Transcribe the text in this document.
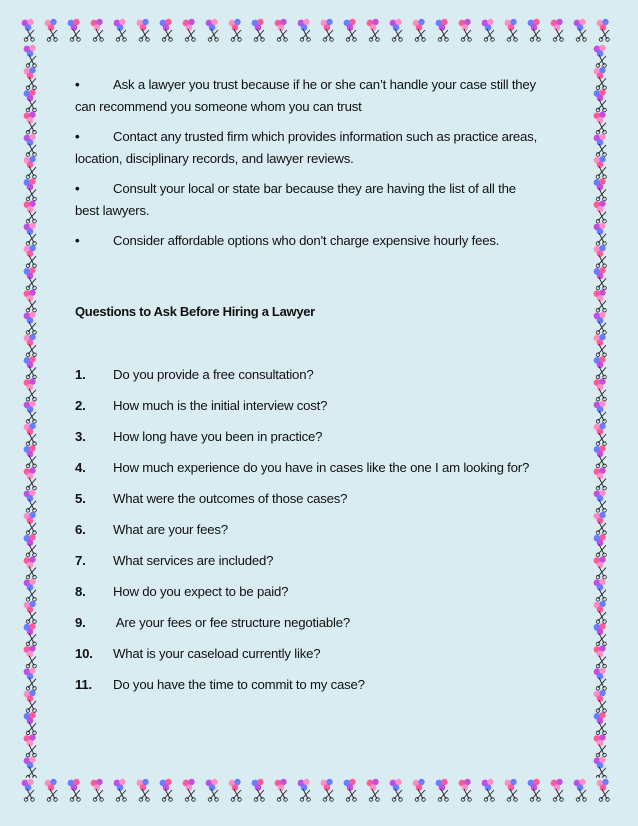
•	Ask a lawyer you trust because if he or she can’t handle your case still they
can recommend you someone whom you can trust
•	Contact any trusted firm which provides information such as practice areas,
location, disciplinary records, and lawyer reviews.
•	Consult your local or state bar because they are having the list of all the
best lawyers.
•	Consider affordable options who don't charge expensive hourly fees.
Questions to Ask Before Hiring a Lawyer
1. Do you provide a free consultation?
2. How much is the initial interview cost?
3. How long have you been in practice?
4. How much experience do you have in cases like the one I am looking for?
5. What were the outcomes of those cases?
6. What are your fees?
7. What services are included?
8. How do you expect to be paid?
9. Are your fees or fee structure negotiable?
10. What is your caseload currently like?
11. Do you have the time to commit to my case?
